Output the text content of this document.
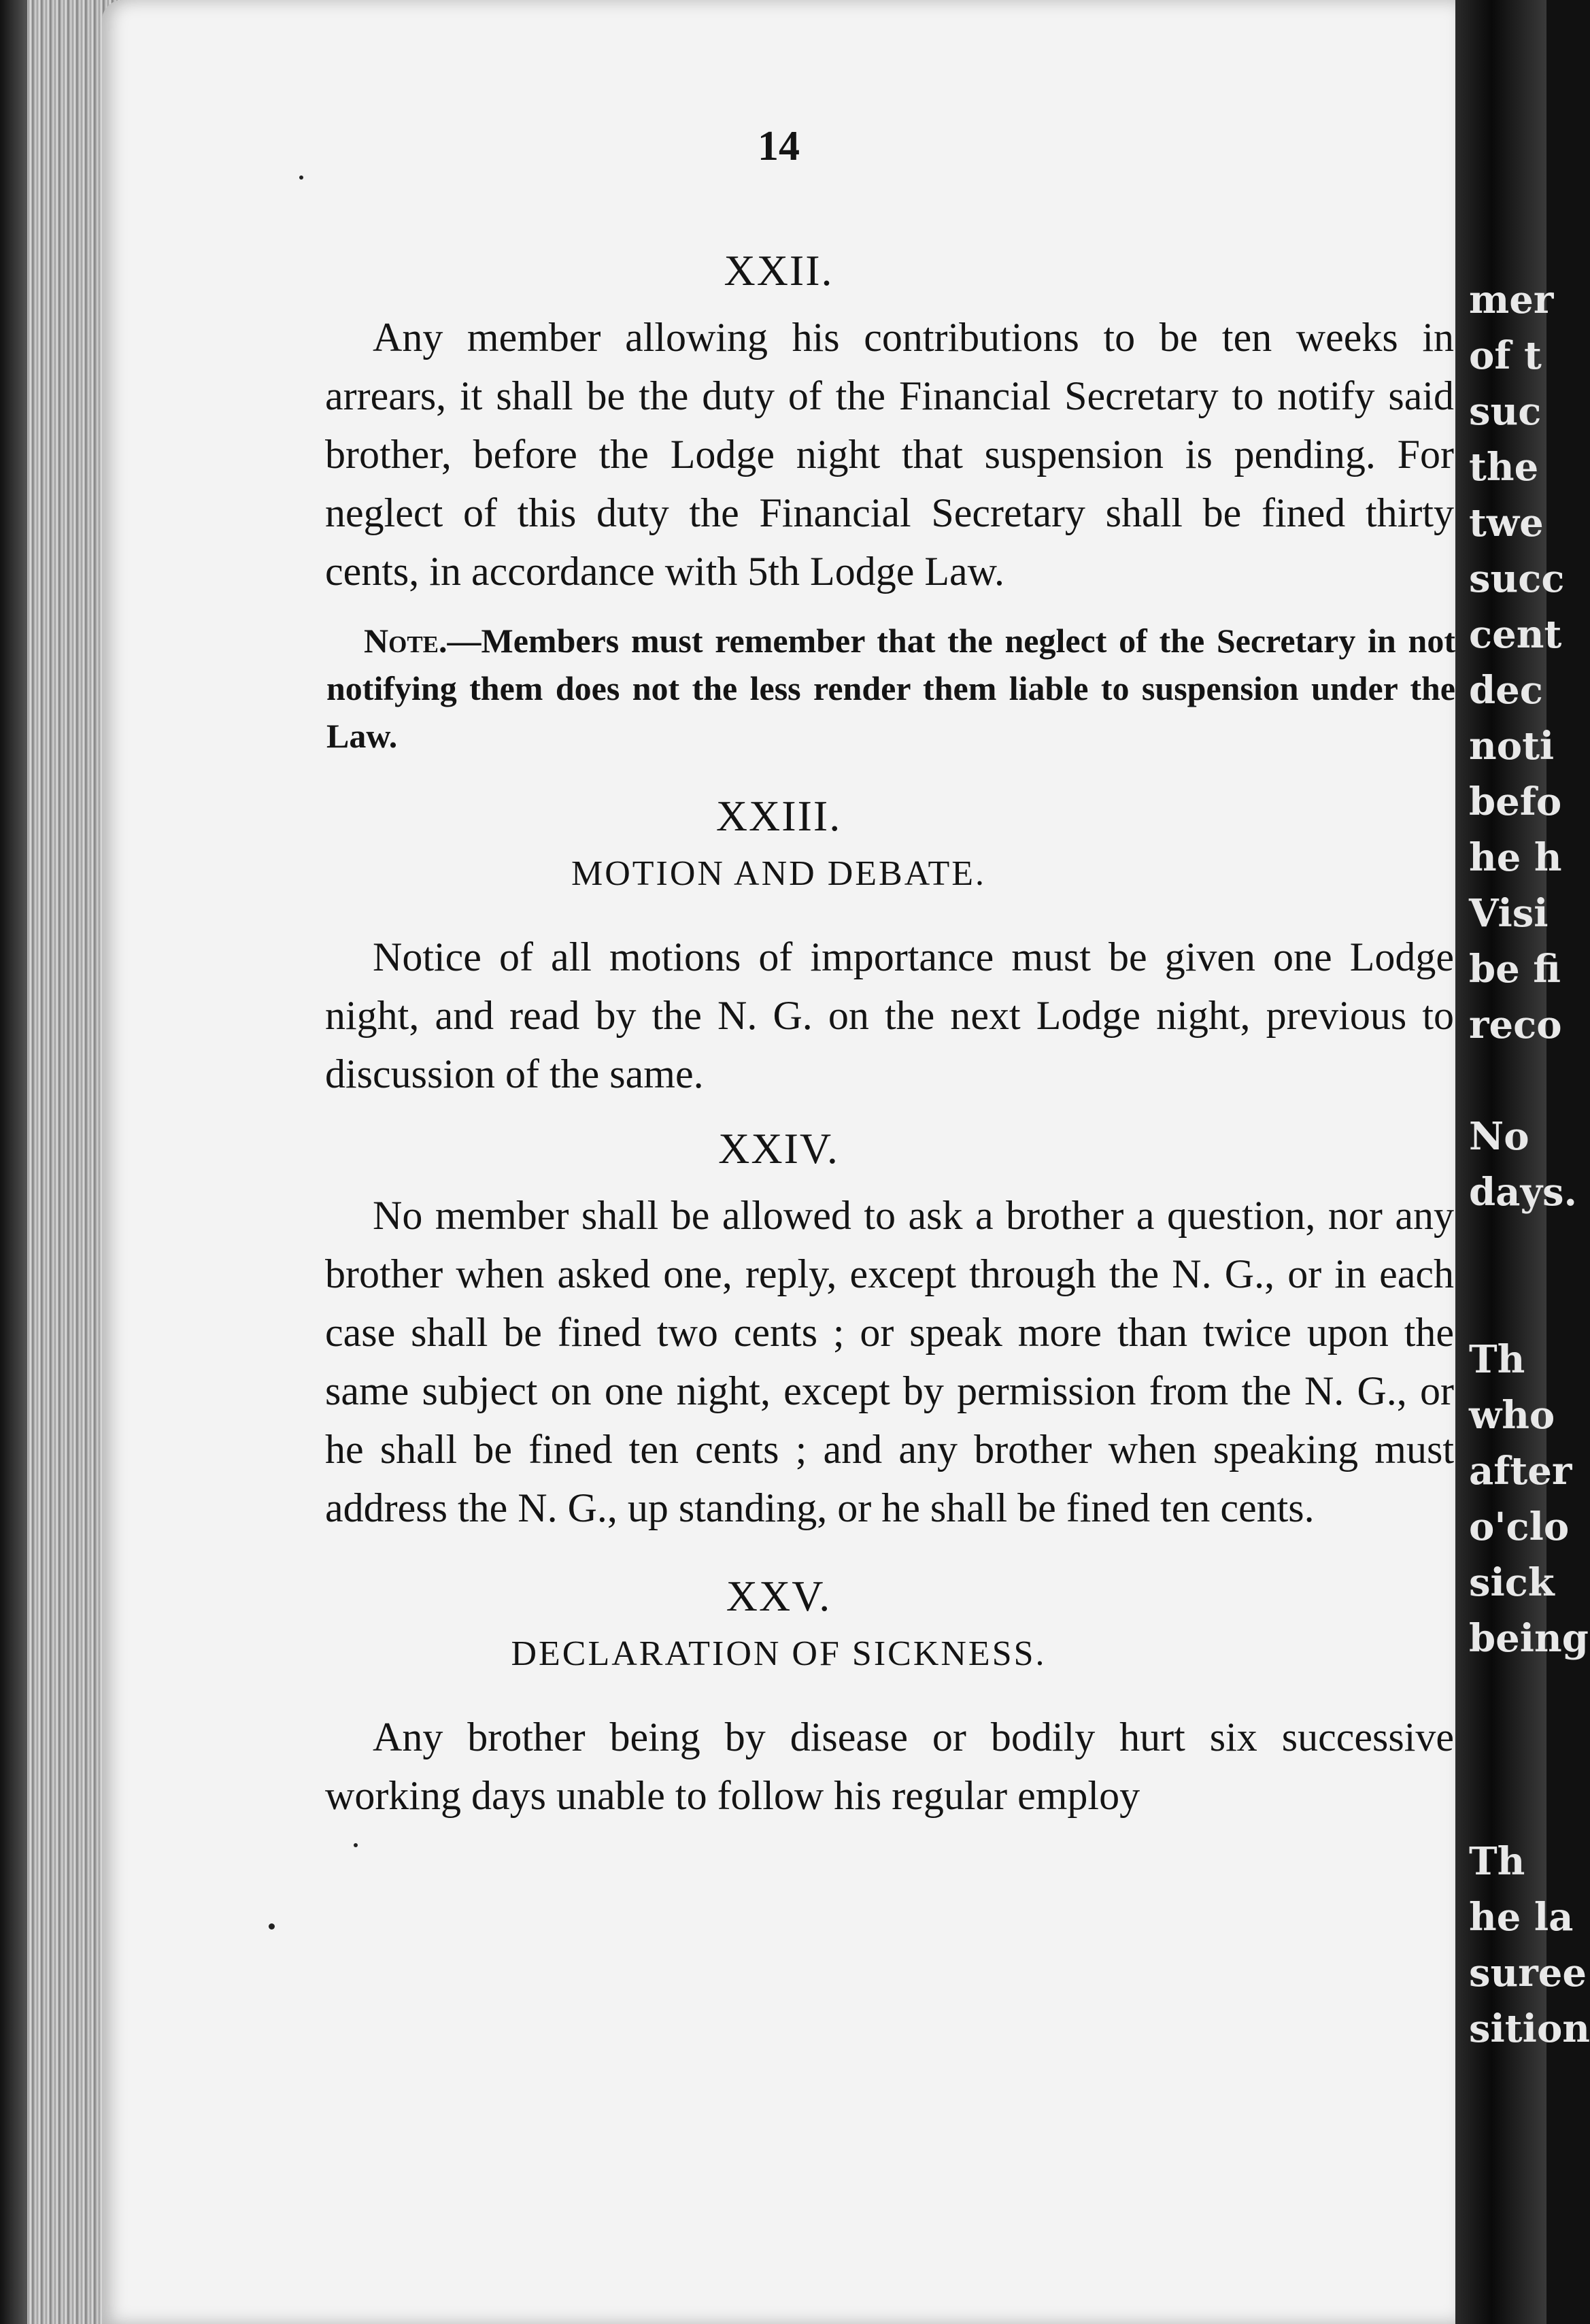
mer
of t
suc
the
twe
succ
cent
dec
noti
befo
he h
Visi
be fi
reco
No
days.
Th
who
after
o'clo
sick
being
Th
he la
suree
sition
14
XXII.

Any member allowing his contributions to be ten weeks in arrears, it shall be the duty of the Financial Secretary to notify said brother, before the Lodge night that suspension is pending. For neglect of this duty the Financial Secretary shall be fined thirty cents, in accordance with 5th Lodge Law.

Note.—Members must remember that the neglect of the Secretary in not notifying them does not the less render them liable to suspension under the Law.

XXIII.
MOTION AND DEBATE.

Notice of all motions of importance must be given one Lodge night, and read by the N. G. on the next Lodge night, previous to discussion of the same.

XXIV.

No member shall be allowed to ask a brother a question, nor any brother when asked one, reply, except through the N. G., or in each case shall be fined two cents ; or speak more than twice upon the same subject on one night, except by permission from the N. G., or he shall be fined ten cents ; and any brother when speaking must address the N. G., up standing, or he shall be fined ten cents.

XXV.
DECLARATION OF SICKNESS.

Any brother being by disease or bodily hurt six successive working days unable to follow his regular employ
